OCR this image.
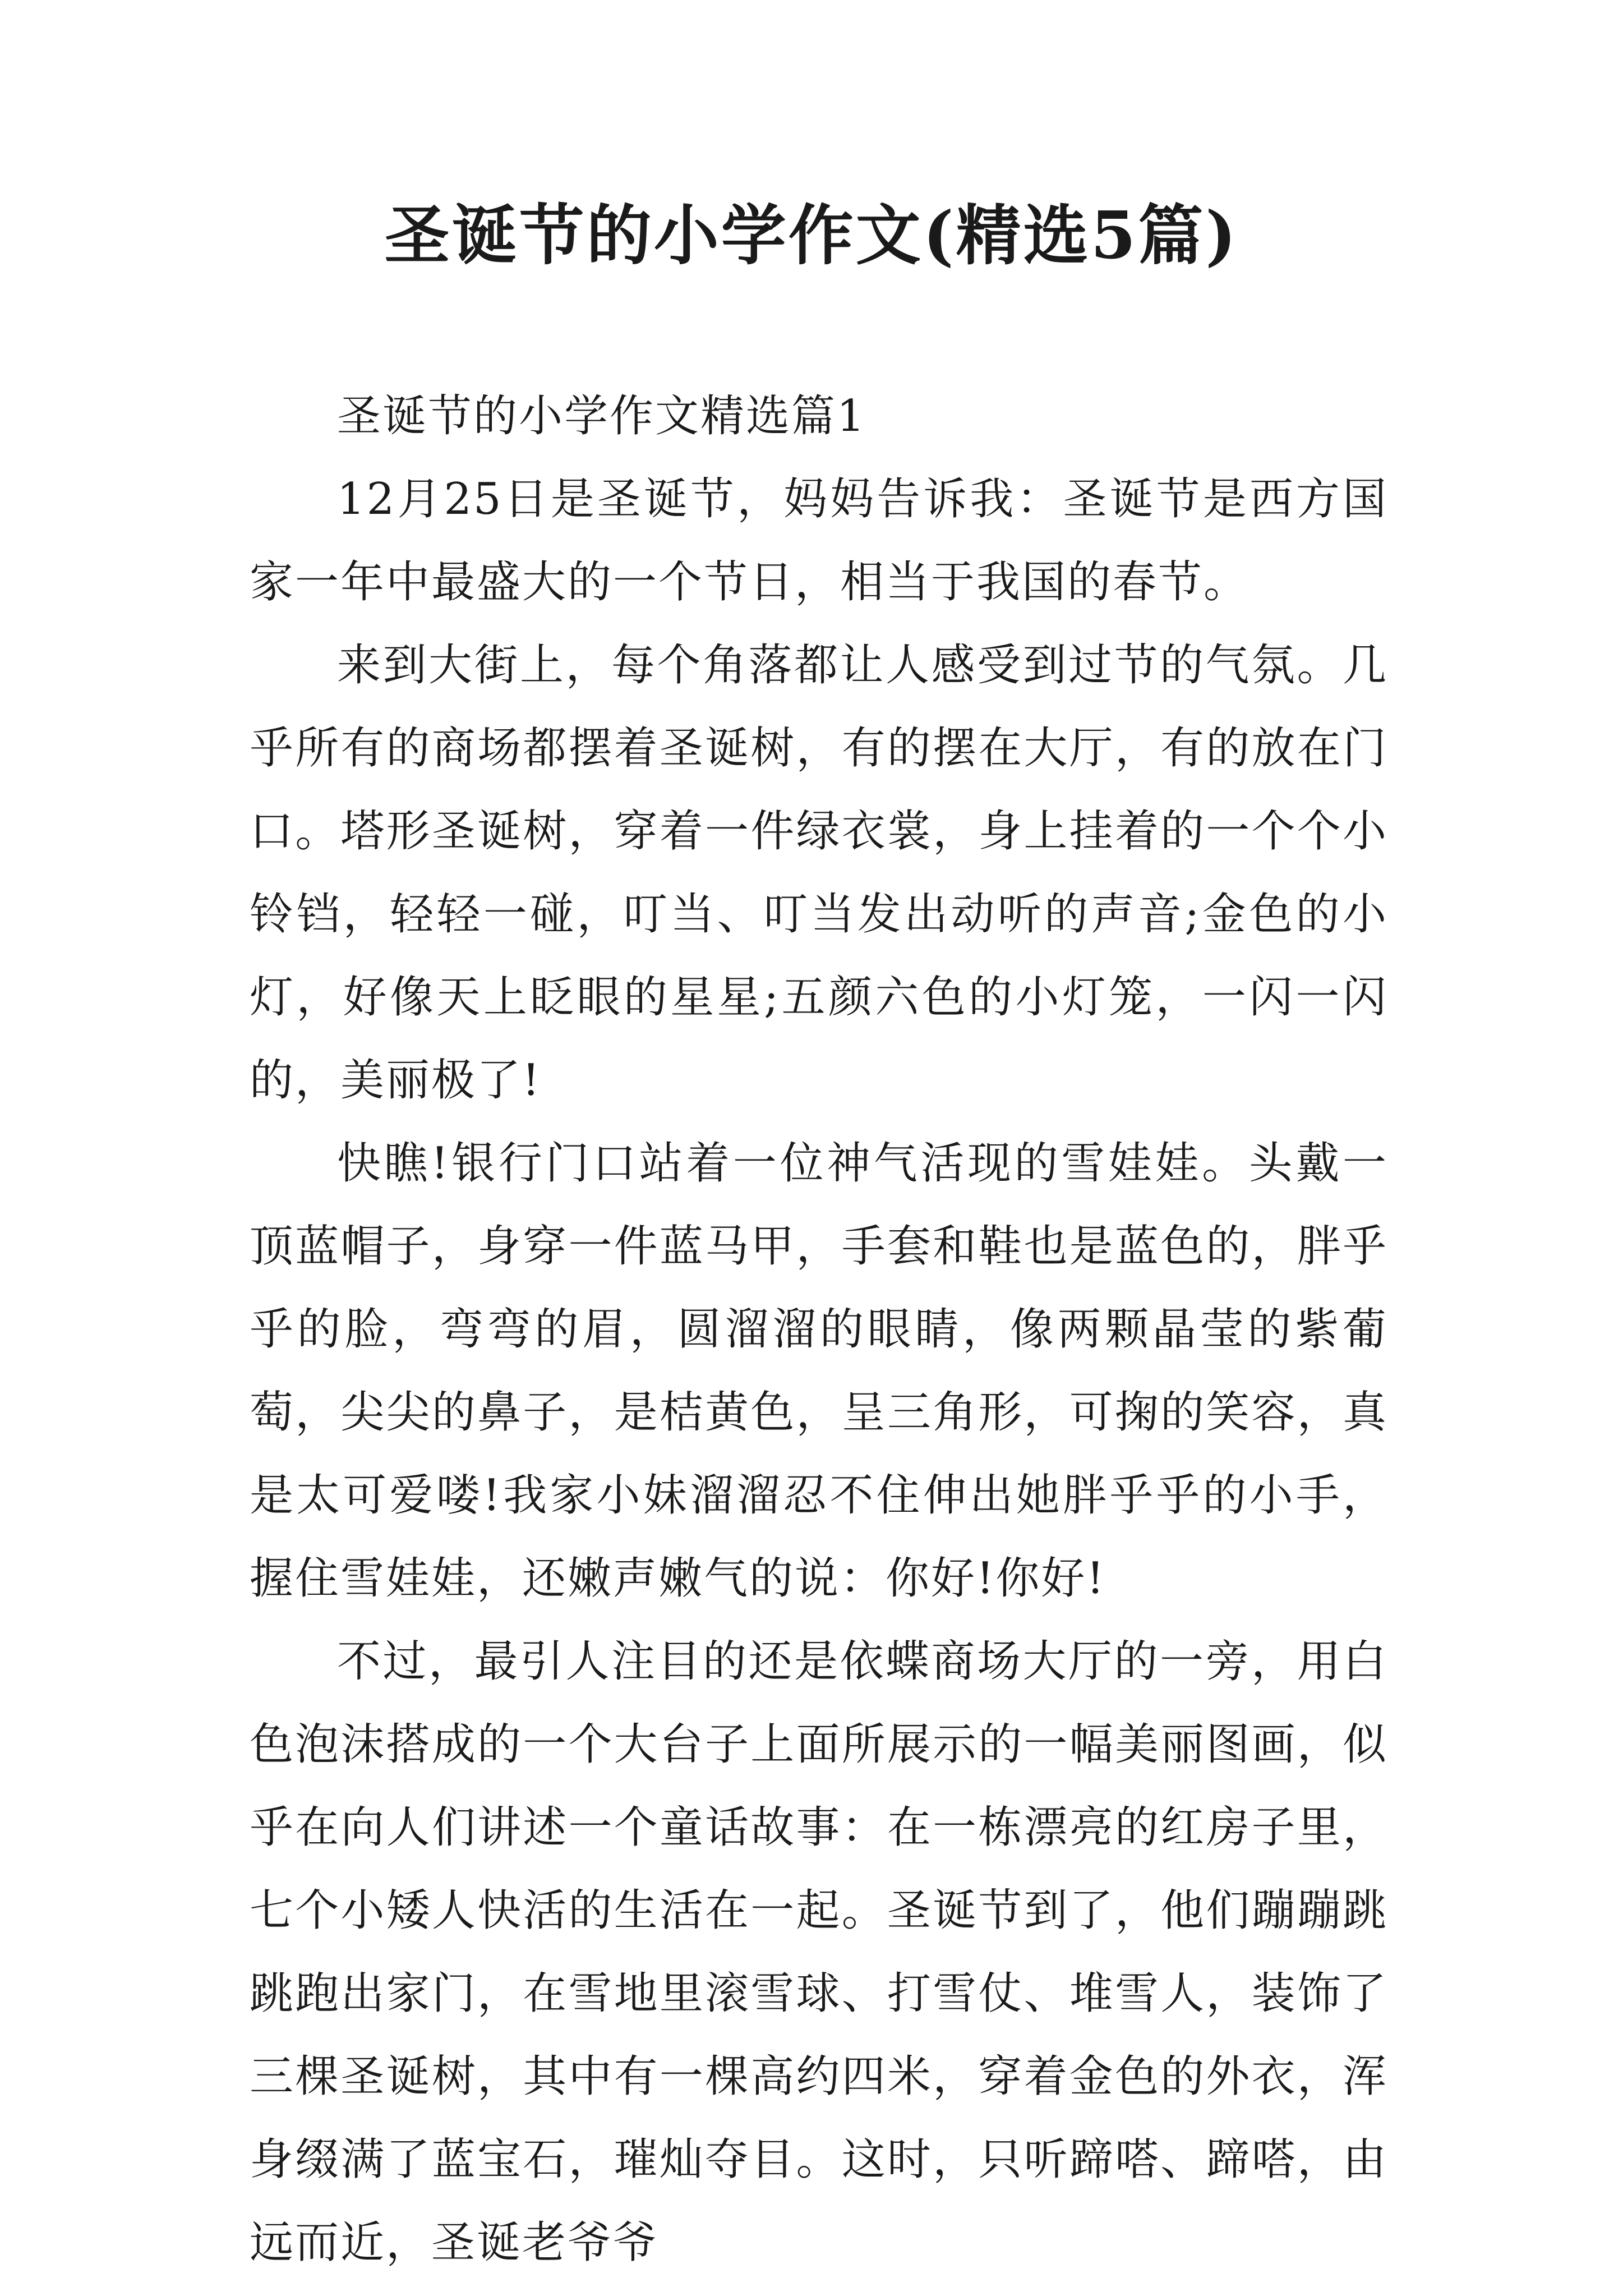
圣诞节的小学作文(精选5篇)

圣诞节的小学作文精选篇1

12月25日是圣诞节，妈妈告诉我：圣诞节是西方国家一年中最盛大的一个节日，相当于我国的春节。

来到大街上，每个角落都让人感受到过节的气氛。几乎所有的商场都摆着圣诞树，有的摆在大厅，有的放在门口。塔形圣诞树，穿着一件绿衣裳，身上挂着的一个个小铃铛，轻轻一碰，叮当、叮当发出动听的声音;金色的小灯，好像天上眨眼的星星;五颜六色的小灯笼，一闪一闪的，美丽极了!

快瞧!银行门口站着一位神气活现的雪娃娃。头戴一顶蓝帽子，身穿一件蓝马甲，手套和鞋也是蓝色的，胖乎乎的脸，弯弯的眉，圆溜溜的眼睛，像两颗晶莹的紫葡萄，尖尖的鼻子，是桔黄色，呈三角形，可掬的笑容，真是太可爱喽!我家小妹溜溜忍不住伸出她胖乎乎的小手，握住雪娃娃，还嫩声嫩气的说：你好!你好!

不过，最引人注目的还是依蝶商场大厅的一旁，用白色泡沫搭成的一个大台子上面所展示的一幅美丽图画，似乎在向人们讲述一个童话故事：在一栋漂亮的红房子里，七个小矮人快活的生活在一起。圣诞节到了，他们蹦蹦跳跳跑出家门，在雪地里滚雪球、打雪仗、堆雪人，装饰了三棵圣诞树，其中有一棵高约四米，穿着金色的外衣，浑身缀满了蓝宝石，璀灿夺目。这时，只听蹄嗒、蹄嗒，由远而近，圣诞老爷爷
